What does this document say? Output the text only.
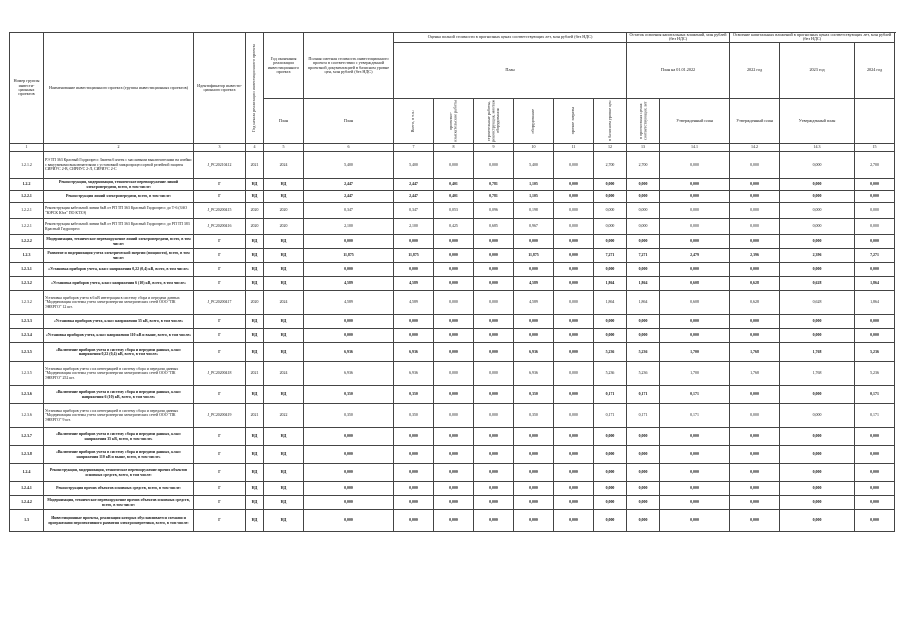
Номер группы инвести-ционных проектов	Наименование инвестиционного проекта (группы инвестиционных проектов)	Идентификатор инвести-ционного проекта	Год начала реализации инвестиционного проекта	Год окончания реализации инвестиционного проекта	Полная сметная стоимость инвестиционного проекта в соответствии с утвержденной проектной документацией в базисном уровне цен, млн рублей (без НДС)	Оценка полной стоимости в прогнозных ценах соответствующих лет, млн рублей (без НДС)						Остаток освоения капитальных вложений, млн рублей (без НДС)		Освоение капитальных вложений в прогнозных ценах соответствующих лет, млн рублей (без НДС)			
						План						План на 01.01.2022		2022 год	2023 год	2024 год	

				План	План	Всего, в т.ч.:	проектно-изыскательские работы	строительные работы, реконструкция, монтаж оборудования	оборудование	прочие затраты	в базисном уровне цен	в прогнозных ценах соответствующих лет	Утвержденный план	Утвержденный план	Утвержденный план		
1	2	3	4	5	6	7	8	9	10	11	12	13	14.1	14.2	14.3	15	
1.2.1.2	РЭ ТП 363 Красный Гидропресс Замена 6 ячеек с масляными выключателями на ячейки с вакуумными выключателями с установкой микропроцессорной релейной защиты СИРИУС 2-В, СИРИУС 2-Л, СИРИУС 2-С	J_PC20210412	2021	2024	5,400	5,400	0,000	0,000	5,400	0,000	2,700	2,700	0,000	0,000	0,000	2,700	
1.2.2	Реконструкция, модернизация, техническое перевооружение линий электропередачи, всего, в том числе:	Г	НД	НД	2,447	2,447	0,401	0,781	1,105	0,000	0,000	0,000	0,000	0,000	0,000	0,000	
1.2.2.1	Реконструкция линий электропередачи, всего, в том числе:	Г	НД	НД	2,447	2,447	0,401	0,781	1,105	0,000	0,000	0,000	0,000	0,000	0,000	0,000	
1.2.2.1	Реконструкция кабельной линии 6кВ от РП ТП 363 Красный Гидропресс до Т-6 (ЗАО "ЮРСК Юга" ПО КТЗЭ)	J_PC20200415	2020	2020	0,347	0,347	0,053	0,096	0,198	0,000	0,000	0,000	0,000	0,000	0,000	0,000	
1.2.2.1	Реконструкция кабельной линии 6кВ от РП ТП 363 Красный Гидропресс до РП ТП 383 Красный Гидропресс	J_PC20200416	2020	2020	2,100	2,100	0,425	0,685	0,967	0,000	0,000	0,000	0,000	0,000	0,000	0,000	
1.2.2.2	Модернизация, техническое перевооружение линий электропередачи, всего, в том числе:	Г	НД	НД	0,000	0,000	0,000	0,000	0,000	0,000	0,000	0,000	0,000	0,000	0,000	0,000	
1.2.3	Развитие и модернизация учета электрической энергии (мощности), всего, в том числе:	Г	НД	НД	11,875	11,875	0,000	0,000	11,875	0,000	7,271	7,271	2,479	2,396	2,396	7,271	
1.2.3.1	«Установка приборов учета, класс напряжения 0,22 (0,4) кВ, всего, в том числе»	Г	НД	НД	0,000	0,000	0,000	0,000	0,000	0,000	0,000	0,000	0,000	0,000	0,000	0,000	
1.2.3.2	«Установка приборов учета, класс напряжения 6 (10) кВ, всего, в том числе»	Г	НД	НД	4,589	4,589	0,000	0,000	4,589	0,000	1,864	1,864	0,608	0,628	0,628	1,864	
1.2.3.2	Установка приборов учета в 6 кВ интеграция в систему сбора и передачи данных "Модернизация системы учета электроэнергии электрических сетей ООО "ПК ЭНЕРГО" 12 шт.	J_PC20200417	2020	2024	4,589	4,589	0,000	0,000	4,589	0,000	1,864	1,864	0,608	0,628	0,628	1,864	
1.2.3.3	«Установка приборов учета, класс напряжения 35 кВ, всего, в том числе»	Г	НД	НД	0,000	0,000	0,000	0,000	0,000	0,000	0,000	0,000	0,000	0,000	0,000	0,000	
1.2.3.4	«Установка приборов учета, класс напряжения 110 кВ и выше, всего, в том числе»	Г	НД	НД	0,000	0,000	0,000	0,000	0,000	0,000	0,000	0,000	0,000	0,000	0,000	0,000	
1.2.3.5	«Включение приборов учета в систему сбора и передачи данных, класс напряжения 0,22 (0,4) кВ, всего, в том числе»	Г	НД	НД	6,936	6,936	0,000	0,000	6,936	0,000	5,236	5,236	1,700	1,768	1,768	5,236	
1.2.3.5	Установка приборов учета с их интеграцией в систему сбора и передачи данных "Модернизация системы учета электроэнергии электрических сетей ООО "ПК ЭНЕРГО" 252 шт.	J_PC20200418	2021	2024	6,936	6,936	0,000	0,000	6,936	0,000	5,236	5,236	1,700	1,768	1,768	5,236	
1.2.3.6	«Включение приборов учета в систему сбора и передачи данных, класс напряжения 6 (10) кВ, всего, в том числе»	Г	НД	НД	0,350	0,350	0,000	0,000	0,350	0,000	0,171	0,171	0,171	0,000	0,000	0,171	
1.2.3.6	Установка приборов учета с их интеграцией в систему сбора и передачи данных "Модернизация системы учета электроэнергии электрических сетей ООО "ПК ЭНЕРГО" 9 шт.	J_PC20200419	2021	2022	0,350	0,350	0,000	0,000	0,350	0,000	0,171	0,171	0,171	0,000	0,000	0,171	
1.2.3.7	«Включение приборов учета в систему сбора и передачи данных, класс напряжения 35 кВ, всего, в том числе»	Г	НД	НД	0,000	0,000	0,000	0,000	0,000	0,000	0,000	0,000	0,000	0,000	0,000	0,000	
1.2.3.8	«Включение приборов учета в систему сбора и передачи данных, класс напряжения 110 кВ и выше, всего, в том числе»	Г	НД	НД	0,000	0,000	0,000	0,000	0,000	0,000	0,000	0,000	0,000	0,000	0,000	0,000	
1.2.4	Реконструкция, модернизация, техническое перевооружение прочих объектов основных средств, всего, в том числе:	Г	НД	НД	0,000	0,000	0,000	0,000	0,000	0,000	0,000	0,000	0,000	0,000	0,000	0,000	
1.2.4.1	Реконструкция прочих объектов основных средств, всего, в том числе:	Г	НД	НД	0,000	0,000	0,000	0,000	0,000	0,000	0,000	0,000	0,000	0,000	0,000	0,000	
1.2.4.2	Модернизация, техническое перевооружение прочих объектов основных средств, всего, в том числе:	Г	НД	НД	0,000	0,000	0,000	0,000	0,000	0,000	0,000	0,000	0,000	0,000	0,000	0,000	
1.3	Инвестиционные проекты, реализация которых обуславливается схемами и программами перспективного развития электроэнергетики, всего, в том числе:	Г	НД	НД	0,000	0,000	0,000	0,000	0,000	0,000	0,000	0,000	0,000	0,000	0,000	0,000	
